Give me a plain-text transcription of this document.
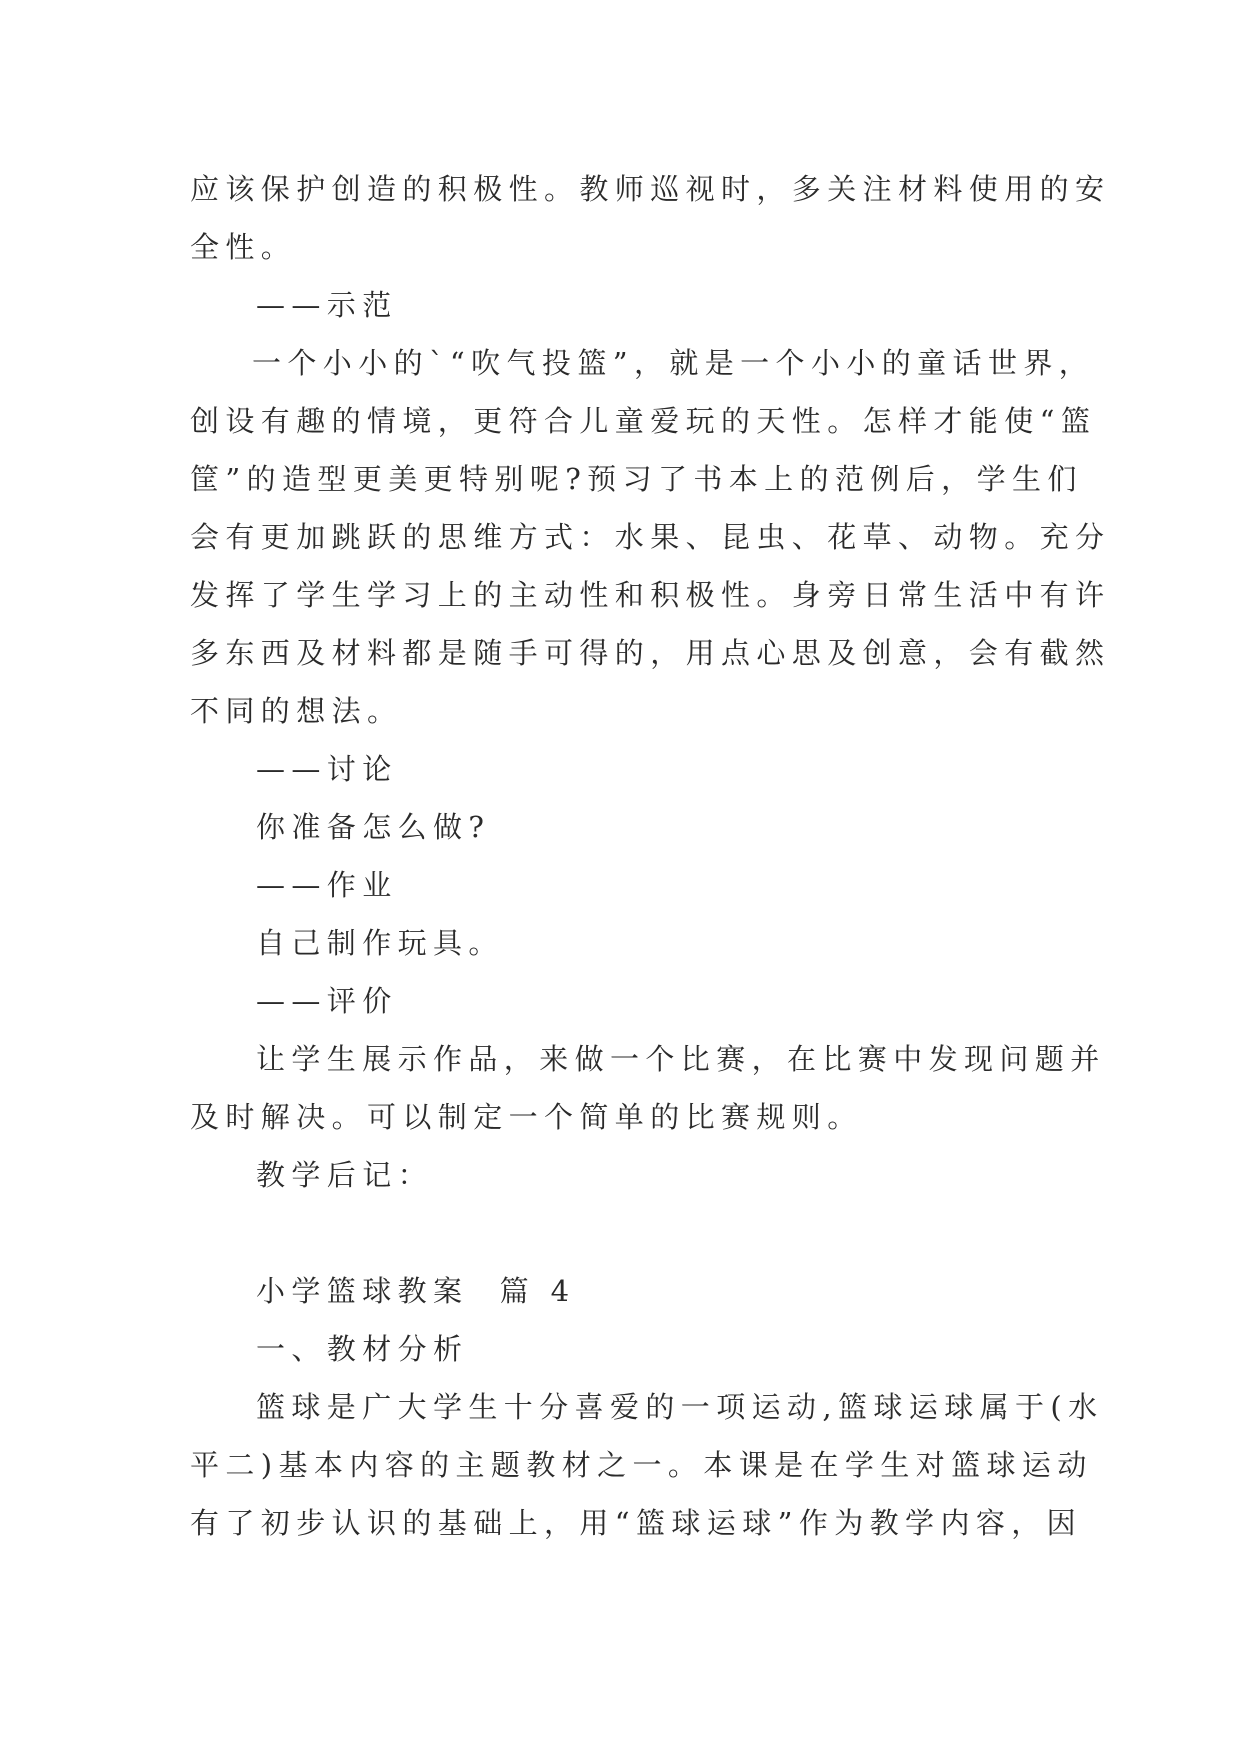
应该保护创造的积极性。教师巡视时，多关注材料使用的安
全性。
——示范
一个小小的`“吹气投篮”，就是一个小小的童话世界，
创设有趣的情境，更符合儿童爱玩的天性。怎样才能使“篮
筐”的造型更美更特别呢?预习了书本上的范例后，学生们
会有更加跳跃的思维方式：水果、昆虫、花草、动物。充分
发挥了学生学习上的主动性和积极性。身旁日常生活中有许
多东西及材料都是随手可得的，用点心思及创意，会有截然
不同的想法。
——讨论
你准备怎么做?
——作业
自己制作玩具。
——评价
让学生展示作品，来做一个比赛，在比赛中发现问题并
及时解决。可以制定一个简单的比赛规则。
教学后记：
小学篮球教案  篇 4
一、教材分析
篮球是广大学生十分喜爱的一项运动,篮球运球属于(水
平二)基本内容的主题教材之一。本课是在学生对篮球运动
有了初步认识的基础上，用“篮球运球”作为教学内容，因
